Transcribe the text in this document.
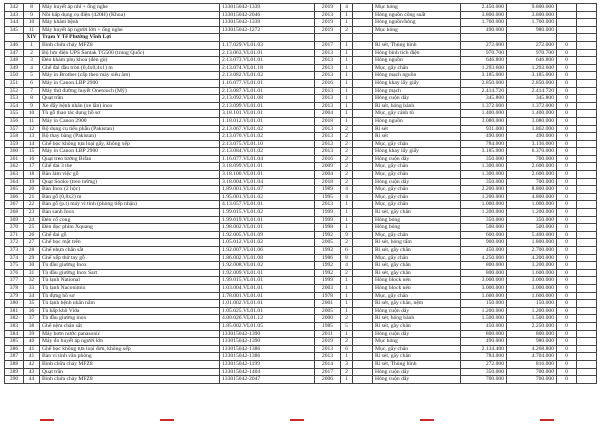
342	8	Máy huyết áp nhĩ + ống nghe	133015042-1339	2019	4		Mục hỏng	2.450.000	9.800.000			
343	9	Nồi hấp dụng cụ điện (420H) (Khoa)	133015042-2046	2013	1		Hỏng nguồn công suất	3.800.000	3.800.000			
344	10	Máy khám bệnh	133015042-1339	2019	1		Hỏng nguồn/hỏng	1.760.000	1.760.000			
345	11	Máy huyết áp người lớn + ống nghe	133015042-1272	2019	2		Mục hỏng	490.000	980.000			
	XIV	Trạm Y Tế Phường Vĩnh Lợi										
346	1	Bình chứa chảy MFZ8	1.17.029.VL01.03	2017	1		Rỉ sét, Thủng bình	272.000	272.000	0		
347	2	Bộ lưu điện UPS Santak TG500 (trung Quốc)	2.13.063.VL01.01	2013	1		Hỏng bình tích điện	970.700	970.700	0		
348	3	Đèn khám phụ khoa (đèn gù)	2.13.073.VL01.01	2013	1		Hỏng nguồn	646.800	646.800	0		
349	4	Ghế đai đầu tròn (0,4x0,4x1) m	2.13.074.VL01.18	2013	1		Mục, gãy chân	1.293.600	1.293.600	0		
350	5	Máy in Brother (cấp theo máy siêu âm)	2.13.082.VL01.02	2013	1		Hỏng mạch nguồn	3.185.000	3.185.000	0		
351	6	Máy in Canon LBP 2900	1.16.077.VL01.01	2016	1		Hỏng khay lấy giấy	2.850.000	2.850.000	0		
352	7	Máy thử đường huyết Onetouch (Mỹ)	2.13.087.VL01.01	2013	1		Hỏng mạch	2.414.720	2.414.720	0		
353	8	Quạt trần	2.13.092.VL01.08	2013	1		Hỏng cuộn dây	345.800	345.800	0		
354	9	Xe đẩy bệnh nhân (xe lăn) inox	2.13.099.VL01.01	2013	1		Rỉ sét, hỏng bánh	1.372.000	1.372.000	0		
355	10	Tủ gỗ thao tác dụng hồ sơ	3.18.101.VL01.01	2004	1		Mục, gãy cánh tủ	1.400.000	1.400.000	0		
356	11	Máy in Canon 2900	1.18.012.VL01.01	2018	1		Hỏng nguồn	3.080.000	3.080.000	0		
357	12	Bộ dụng cụ tiểu phẫu (Pakistan)	2.13.067.VL01.02	2013	2		Rỉ sét	931.000	1.862.000	0		
358	13	Bộ thay băng (Pakistan)	2.13.070.VL01.02	2013	2		Rỉ sét	490.000	490.000	0		
359	14	Ghế bọc không tựa loại gấy, không xếp	2.13.075.VL01.10	2013	2		Mục, gãy chân	784.000	3.136.000	0		
360	15	Máy in Canon LBP 2900	2.13.084.VL01.02	2013	2		Hỏng khay lấy giấy	3.185.000	6.370.000	0		
361	16	Quạt treo tường Bifan	1.16.077.VL01.04	2016	2		Hỏng cuộn dây	350.000	700.000	0		
362	17	Ghế đai 3 the	3.18.099.VL01.01	2009	2		Mục, gãy chân	1.300.000	2.600.000	0		
363	18	Bàn làm việc gỗ	3.18.100.VL01.01	2004	2		Mục, gãy chân	1.300.000	2.600.000	0		
364	19	Quạt Sooko (treo tường)	3.18.004.VL01.04	2018	2		Hỏng cuộn dây	350.000	700.000	0		
365	20	Bàn Inox (2 hộc)	1.89.001.VL01.07	1989	4		Mục, gãy chân	2.200.000	8.800.000	0		
366	21	Bàn gỗ (0,8x2) m	1.95.001.VL01.02	1995	4		Mục, gãy chân	1.200.000	4.800.000	0		
367	22	Bàn gỗ (p.t) máy vi tính (phòng tiếp nhận)	4.13.057.VL01.01	2013	1		Mục, gãy chân	1.000.000	1.000.000	0		
368	23	Bàn sanh Inox	1.99.015.VL01.02	1999	1		Rỉ sét, gãy chân	1.200.000	1.200.000	0		
369	24	Đèn cổ cong	1.99.019.VL01.01	1999	1		Hỏng bóng	350.000	350.000	0		
370	25	Đèn đọc phim Xquang	1.98.002.VL01.01	1998	1		Hỏng bóng	500.000	500.000	0		
371	26	Ghế đai gỗ	1.92.005.VL01.09	1992	9		Mục, gãy chân	600.000	5.400.000	0		
372	27	Ghế bọc mặt trên	1.05.012.VL01.02	2005	2		Rỉ sét, hỏng tấm	900.000	1.800.000	0		
373	28	Ghế nhựa chân sắt	1.92.007.VL01.06	1992	6		Rỉ sét, gãy chân	450.000	2.700.000	0		
374	29	Ghế xếp thử tay gỗ	1.86.002.VL01.08	1986	8		Mục, gãy chân	4.250.000	4.200.000	0		
375	30	Tủ đầu giường Inox	1.92.008.VL01.02	1992	4		Rỉ sét, gãy chân	800.000	3.200.000	0		
376	31	Tủ đầu giường Inox Sart	1.92.009.VL01.01	1992	2		Rỉ sét, gãy chân	800.000	1.600.000	0		
377	32	Tủ lạnh National	1.99.015.VL01.01	1999	1		Hỏng block nén	3.000.000	3.000.000	0		
378	33	Tủ lạnh Naconimix	1.03.004.VL01.01	2003	1		Hỏng block nén	3.000.000	3.000.000	0		
379	34	Tủ đựng hồ sơ	1.78.001.VL01.01	1978	1		Mục, gãy chân	1.600.000	1.600.000	0		
380	35	Tủ lạnh bệnh nhân nằm	1.01.002.VL01.01	2001	1		Rỉ sét, gãy chân, nệm	150.000	150.000	0		
381	36	Tủ hấp khô Vida	1.05.025.VL01.01	2005	1		Hỏng cuộn dây	1.200.000	1.200.000	0		
382	37	Tủ đầu giường inox	4.00.026.VL01.12	2000	2		Rỉ sét, hỏng bánh	1.500.000	1.500.000	0		
383	38	Ghế nệm chân sắt	1.85.002.VL01.05	1985	5		Rỉ sét, gãy chân	450.000	2.250.000	0		
384	39	Máy bơm nước panasonic	133015042-1390	2011	1		Hỏng cuộn dây	800.000	800.000	0		
385	40	Máy đo huyết áp người lớn	133015042-1390	2019	2		Mục hỏng	490.000	980.000	0		
386	41	Ghế bọc không tựa loại đơn, không xếp	133015042-1386	2013	6		Mục, gãy chân	2.134.400	4.268.800	0		
387	41	Bàn vi tính văn phòng	133015042-1386	2013	1		Rỉ sét, gãy chân	784.000	4.704.000	0		
388	42	Bình chữa cháy MFZ8	133015042-1199	2014	3		Rỉ sét, Thủng bình	272.000	816.000	0		
389	43	Quạt trần	133015042-1404	2017	2		Hỏng cuộn dây	350.000	700.000	0		
390	44	Bình chứa chảy MFZ8	133015042-2047	2006	1		Hỏng cuộn dây	700.000	700.000	0		
